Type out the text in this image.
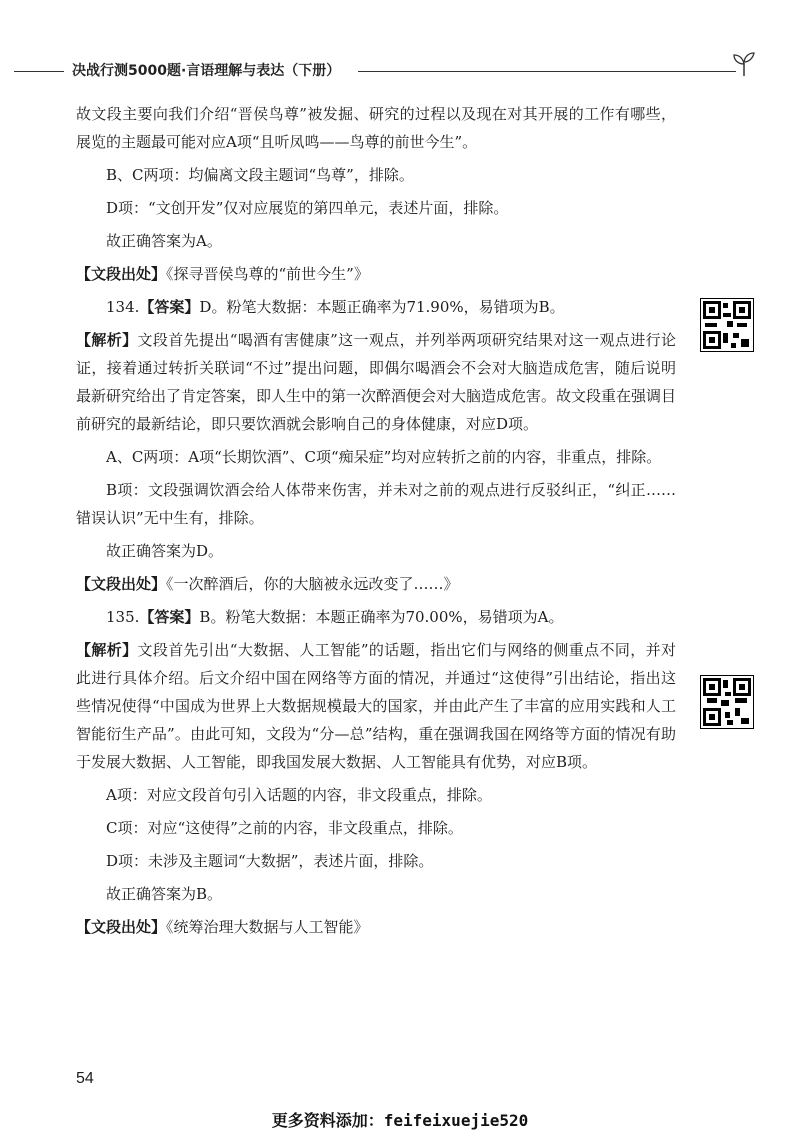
决战行测5000题·言语理解与表达（下册）

故文段主要向我们介绍“晋侯鸟尊”被发掘、研究的过程以及现在对其开展的工作有哪些，展览的主题最可能对应A项“且听凤鸣——鸟尊的前世今生”。

B、C两项：均偏离文段主题词“鸟尊”，排除。

D项：“文创开发”仅对应展览的第四单元，表述片面，排除。

故正确答案为A。

【文段出处】《探寻晋侯鸟尊的“前世今生”》

134.【答案】D。粉笔大数据：本题正确率为71.90%，易错项为B。

【解析】文段首先提出“喝酒有害健康”这一观点，并列举两项研究结果对这一观点进行论证，接着通过转折关联词“不过”提出问题，即偶尔喝酒会不会对大脑造成危害，随后说明最新研究给出了肯定答案，即人生中的第一次醉酒便会对大脑造成危害。故文段重在强调目前研究的最新结论，即只要饮酒就会影响自己的身体健康，对应D项。

A、C两项：A项“长期饮酒”、C项“痴呆症”均对应转折之前的内容，非重点，排除。

B项：文段强调饮酒会给人体带来伤害，并未对之前的观点进行反驳纠正，“纠正……错误认识”无中生有，排除。

故正确答案为D。

【文段出处】《一次醉酒后，你的大脑被永远改变了……》

135.【答案】B。粉笔大数据：本题正确率为70.00%，易错项为A。

【解析】文段首先引出“大数据、人工智能”的话题，指出它们与网络的侧重点不同，并对此进行具体介绍。后文介绍中国在网络等方面的情况，并通过“这使得”引出结论，指出这些情况使得“中国成为世界上大数据规模最大的国家，并由此产生了丰富的应用实践和人工智能衍生产品”。由此可知，文段为“分—总”结构，重在强调我国在网络等方面的情况有助于发展大数据、人工智能，即我国发展大数据、人工智能具有优势，对应B项。

A项：对应文段首句引入话题的内容，非文段重点，排除。

C项：对应“这使得”之前的内容，非文段重点，排除。

D项：未涉及主题词“大数据”，表述片面，排除。

故正确答案为B。

【文段出处】《统筹治理大数据与人工智能》

54
更多资料添加：feifeixuejie520
